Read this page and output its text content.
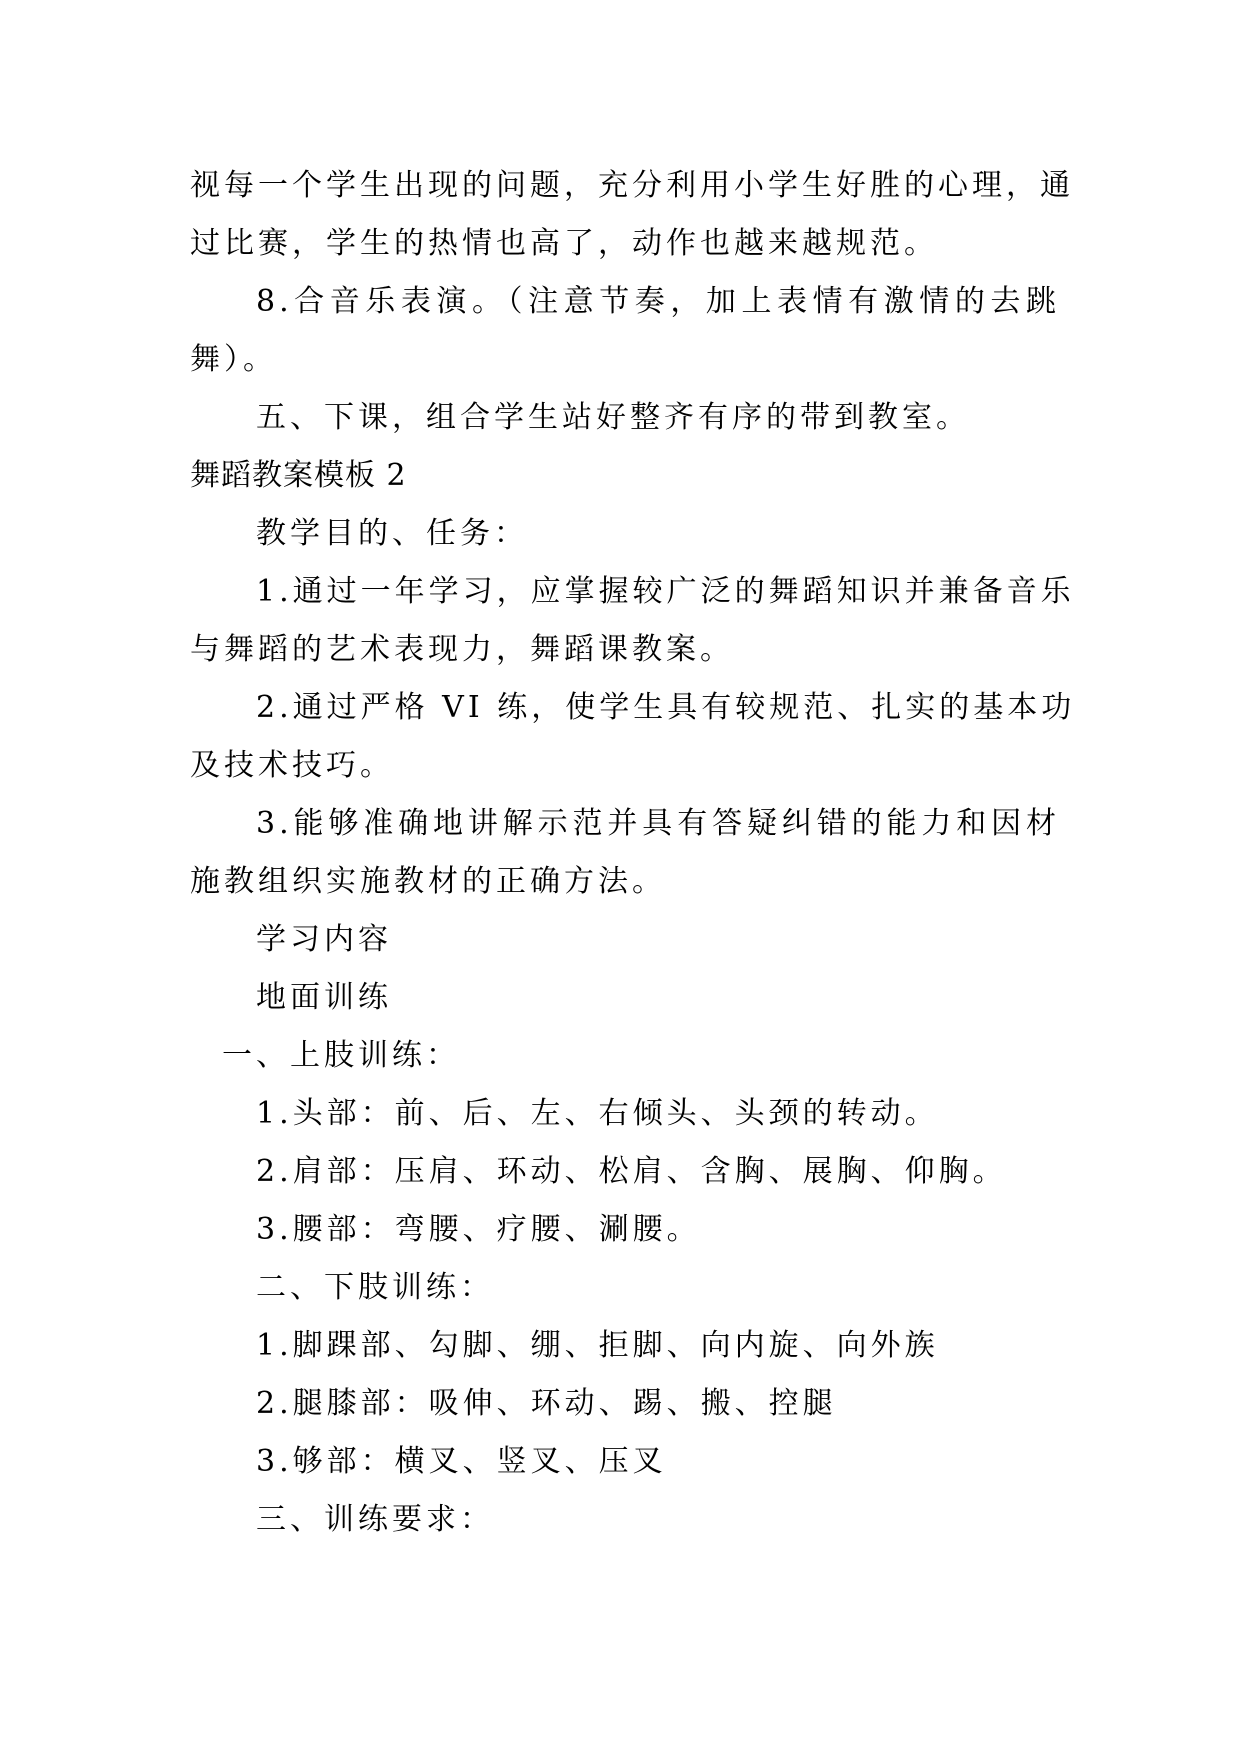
视每一个学生出现的问题，充分利用小学生好胜的心理，通

过比赛，学生的热情也高了，动作也越来越规范。

8.合音乐表演。（注意节奏，加上表情有激情的去跳

舞）。

五、下课，组合学生站好整齐有序的带到教室。

舞蹈教案模板 2

教学目的、任务：

1.通过一年学习，应掌握较广泛的舞蹈知识并兼备音乐

与舞蹈的艺术表现力，舞蹈课教案。

2.通过严格 VI 练，使学生具有较规范、扎实的基本功

及技术技巧。

3.能够准确地讲解示范并具有答疑纠错的能力和因材

施教组织实施教材的正确方法。

学习内容

地面训练

一、上肢训练：

1.头部：前、后、左、右倾头、头颈的转动。

2.肩部：压肩、环动、松肩、含胸、展胸、仰胸。

3.腰部：弯腰、疗腰、涮腰。

二、下肢训练：

1.脚踝部、勾脚、绷、拒脚、向内旋、向外族

2.腿膝部：吸伸、环动、踢、搬、控腿

3.够部：横叉、竖叉、压叉

三、训练要求：
